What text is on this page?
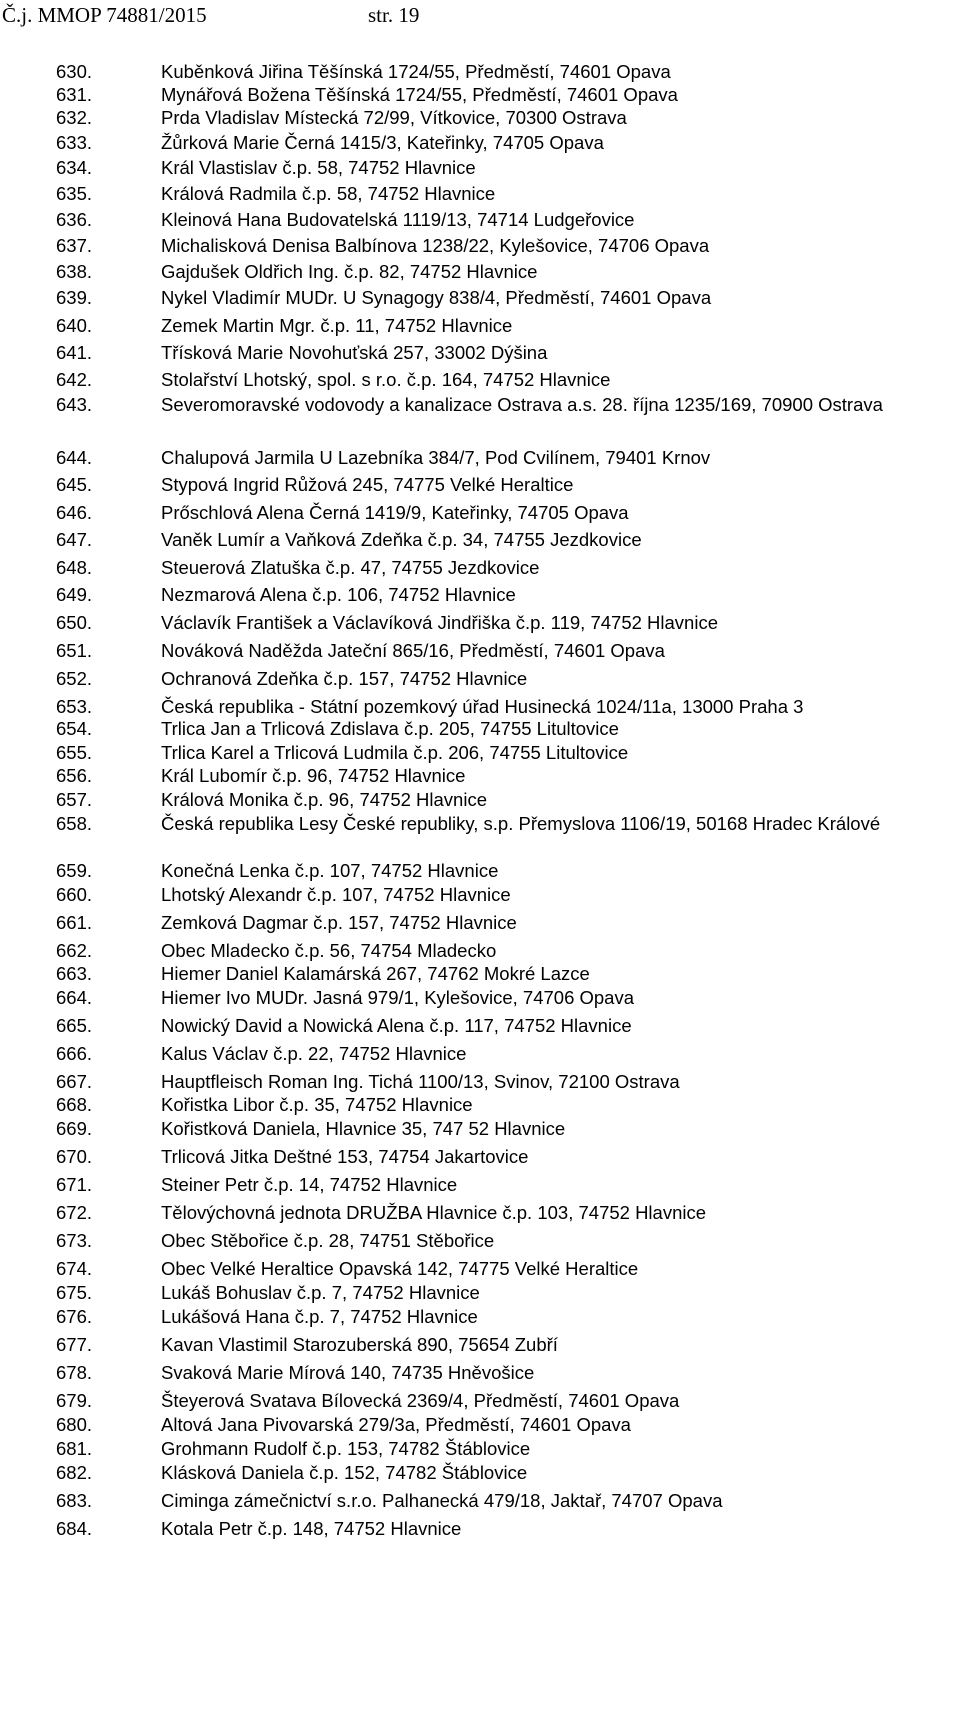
Č.j. MMOP 74881/2015	str. 19
630.	Kuběnková Jiřina Těšínská 1724/55, Předměstí, 74601 Opava
631.	Mynářová Božena Těšínská 1724/55, Předměstí, 74601 Opava
632.	Prda Vladislav Místecká 72/99, Vítkovice, 70300 Ostrava
633.	Žůrková Marie Černá 1415/3, Kateřinky, 74705 Opava
634.	Král Vlastislav č.p. 58, 74752 Hlavnice
635.	Králová Radmila č.p. 58, 74752 Hlavnice
636.	Kleinová Hana Budovatelská 1119/13, 74714 Ludgeřovice
637.	Michalisková Denisa Balbínova 1238/22, Kylešovice, 74706 Opava
638.	Gajdušek Oldřich Ing. č.p. 82, 74752 Hlavnice
639.	Nykel Vladimír MUDr. U Synagogy 838/4, Předměstí, 74601 Opava
640.	Zemek Martin Mgr. č.p. 11, 74752 Hlavnice
641.	Třísková Marie Novohuťská 257, 33002 Dýšina
642.	Stolařství Lhotský, spol. s r.o. č.p. 164, 74752 Hlavnice
643.	Severomoravské vodovody a kanalizace Ostrava a.s. 28. října 1235/169, 70900 Ostrava
644.	Chalupová Jarmila U Lazebníka 384/7, Pod Cvilínem, 79401 Krnov
645.	Stypová Ingrid Růžová 245, 74775 Velké Heraltice
646.	Prőschlová Alena Černá 1419/9, Kateřinky, 74705 Opava
647.	Vaněk Lumír a Vaňková Zdeňka č.p. 34, 74755 Jezdkovice
648.	Steuerová Zlatuška č.p. 47, 74755 Jezdkovice
649.	Nezmarová Alena č.p. 106, 74752 Hlavnice
650.	Václavík František a Václavíková Jindřiška č.p. 119, 74752 Hlavnice
651.	Nováková Naděžda Jateční 865/16, Předměstí, 74601 Opava
652.	Ochranová Zdeňka č.p. 157, 74752 Hlavnice
653.	Česká republika - Státní pozemkový úřad Husinecká 1024/11a, 13000 Praha 3
654.	Trlica Jan a Trlicová Zdislava č.p. 205, 74755 Litultovice
655.	Trlica Karel a Trlicová Ludmila č.p. 206, 74755 Litultovice
656.	Král Lubomír č.p. 96, 74752 Hlavnice
657.	Králová Monika č.p. 96, 74752 Hlavnice
658.	Česká republika Lesy České republiky, s.p. Přemyslova 1106/19, 50168 Hradec Králové
659.	Konečná Lenka č.p. 107, 74752 Hlavnice
660.	Lhotský Alexandr č.p. 107, 74752 Hlavnice
661.	Zemková Dagmar č.p. 157, 74752 Hlavnice
662.	Obec Mladecko č.p. 56, 74754 Mladecko
663.	Hiemer Daniel Kalamárská 267, 74762 Mokré Lazce
664.	Hiemer Ivo MUDr. Jasná 979/1, Kylešovice, 74706 Opava
665.	Nowický David a Nowická Alena č.p. 117, 74752 Hlavnice
666.	Kalus Václav č.p. 22, 74752 Hlavnice
667.	Hauptfleisch Roman Ing. Tichá 1100/13, Svinov, 72100 Ostrava
668.	Kořistka Libor č.p. 35, 74752 Hlavnice
669.	Kořistková Daniela, Hlavnice 35, 747 52 Hlavnice
670.	Trlicová Jitka Deštné 153, 74754 Jakartovice
671.	Steiner Petr č.p. 14, 74752 Hlavnice
672.	Tělovýchovná jednota DRUŽBA Hlavnice č.p. 103, 74752 Hlavnice
673.	Obec Stěbořice č.p. 28, 74751 Stěbořice
674.	Obec Velké Heraltice Opavská 142, 74775 Velké Heraltice
675.	Lukáš Bohuslav č.p. 7, 74752 Hlavnice
676.	Lukášová Hana č.p. 7, 74752 Hlavnice
677.	Kavan Vlastimil Starozuberská 890, 75654 Zubří
678.	Svaková Marie Mírová 140, 74735 Hněvošice
679.	Šteyerová Svatava Bílovecká 2369/4, Předměstí, 74601 Opava
680.	Altová Jana Pivovarská 279/3a, Předměstí, 74601 Opava
681.	Grohmann Rudolf č.p. 153, 74782 Štáblovice
682.	Klásková Daniela č.p. 152, 74782 Štáblovice
683.	Ciminga zámečnictví s.r.o. Palhanecká 479/18, Jaktař, 74707 Opava
684.	Kotala Petr č.p. 148, 74752 Hlavnice
